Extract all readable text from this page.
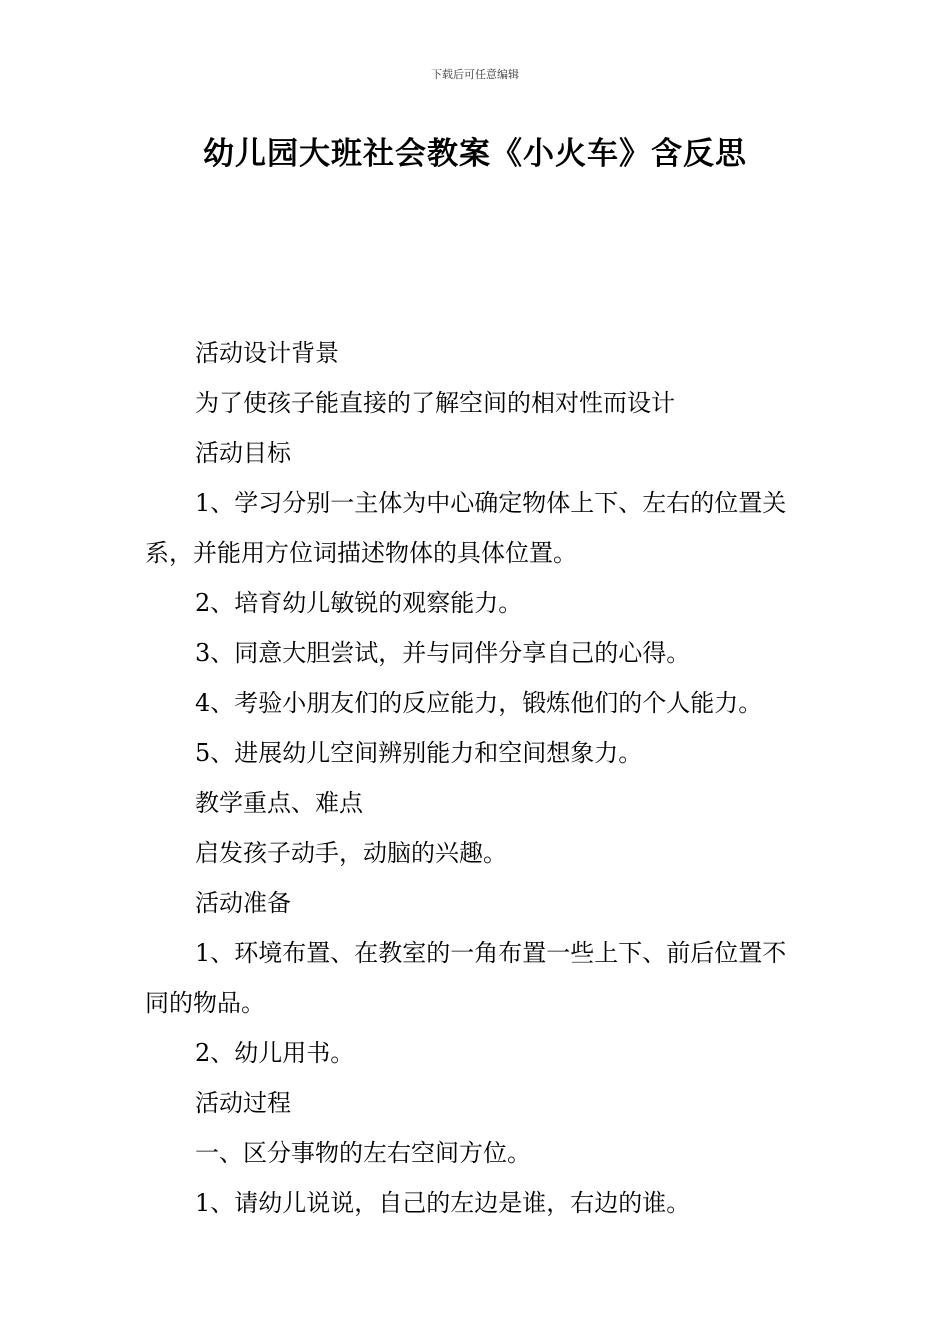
下载后可任意编辑
幼儿园大班社会教案《小火车》含反思

活动设计背景

为了使孩子能直接的了解空间的相对性而设计

活动目标

1、学习分别一主体为中心确定物体上下、左右的位置关系，并能用方位词描述物体的具体位置。

2、培育幼儿敏锐的观察能力。

3、同意大胆尝试，并与同伴分享自己的心得。

4、考验小朋友们的反应能力，锻炼他们的个人能力。

5、进展幼儿空间辨别能力和空间想象力。

教学重点、难点

启发孩子动手，动脑的兴趣。

活动准备

1、环境布置、在教室的一角布置一些上下、前后位置不同的物品。

2、幼儿用书。

活动过程

一、区分事物的左右空间方位。

1、请幼儿说说，自己的左边是谁，右边的谁。
